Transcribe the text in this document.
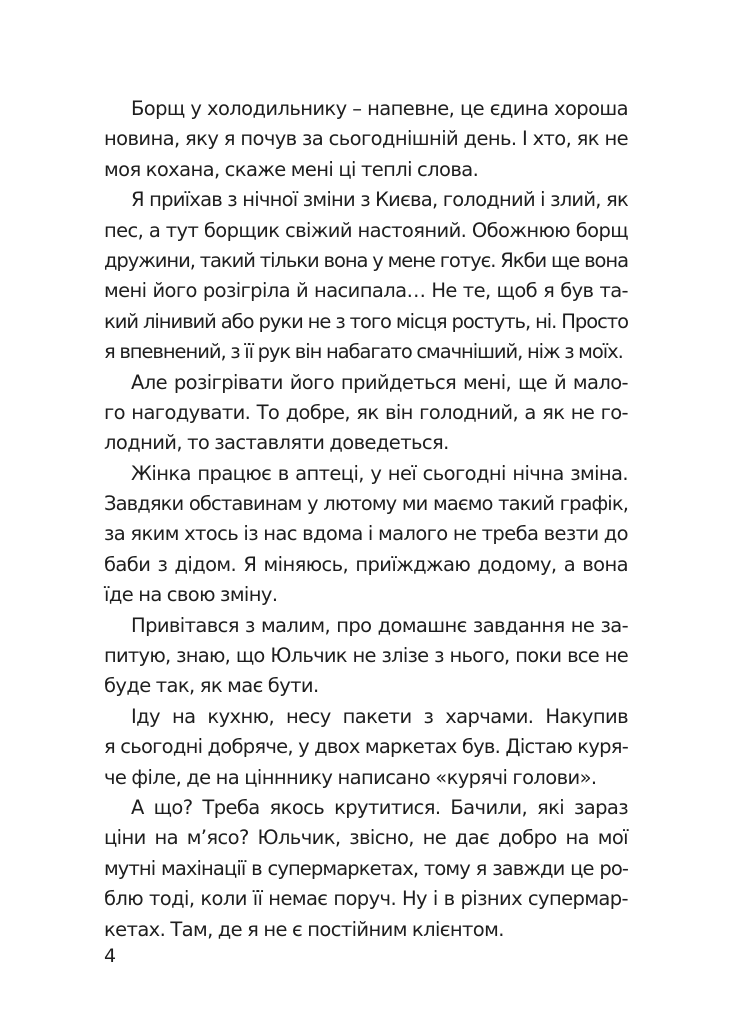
Борщ у холодильнику – напевне, це єдина хороша
новина, яку я почув за сьогоднішній день. І хто, як не
моя кохана, скаже мені ці теплі слова.
Я приїхав з нічної зміни з Києва, голодний і злий, як
пес, а тут борщик свіжий настояний. Обожнюю борщ
дружини, такий тільки вона у мене готує. Якби ще вона
мені його розігріла й насипала… Не те, щоб я був та-
кий лінивий або руки не з того місця ростуть, ні. Просто
я впевнений, з її рук він набагато смачніший, ніж з моїх.
Але розігрівати його прийдеться мені, ще й мало-
го нагодувати. То добре, як він голодний, а як не го-
лодний, то заставляти доведеться.
Жінка працює в аптеці, у неї сьогодні нічна зміна.
Завдяки обставинам у лютому ми маємо такий графік,
за яким хтось із нас вдома і малого не треба везти до
баби з дідом. Я міняюсь, приїжджаю додому, а вона
їде на свою зміну.
Привітався з малим, про домашнє завдання не за-
питую, знаю, що Юльчик не злізе з нього, поки все не
буде так, як має бути.
Іду на кухню, несу пакети з харчами. Накупив
я сьогодні добряче, у двох маркетах був. Дістаю куря-
че філе, де на цінннику написано «курячі голови».
А що? Треба якось крутитися. Бачили, які зараз
ціни на м’ясо? Юльчик, звісно, не дає добро на мої
мутні махінації в супермаркетах, тому я завжди це ро-
блю тоді, коли її немає поруч. Ну і в різних супермар-
кетах. Там, де я не є постійним клієнтом.
4
